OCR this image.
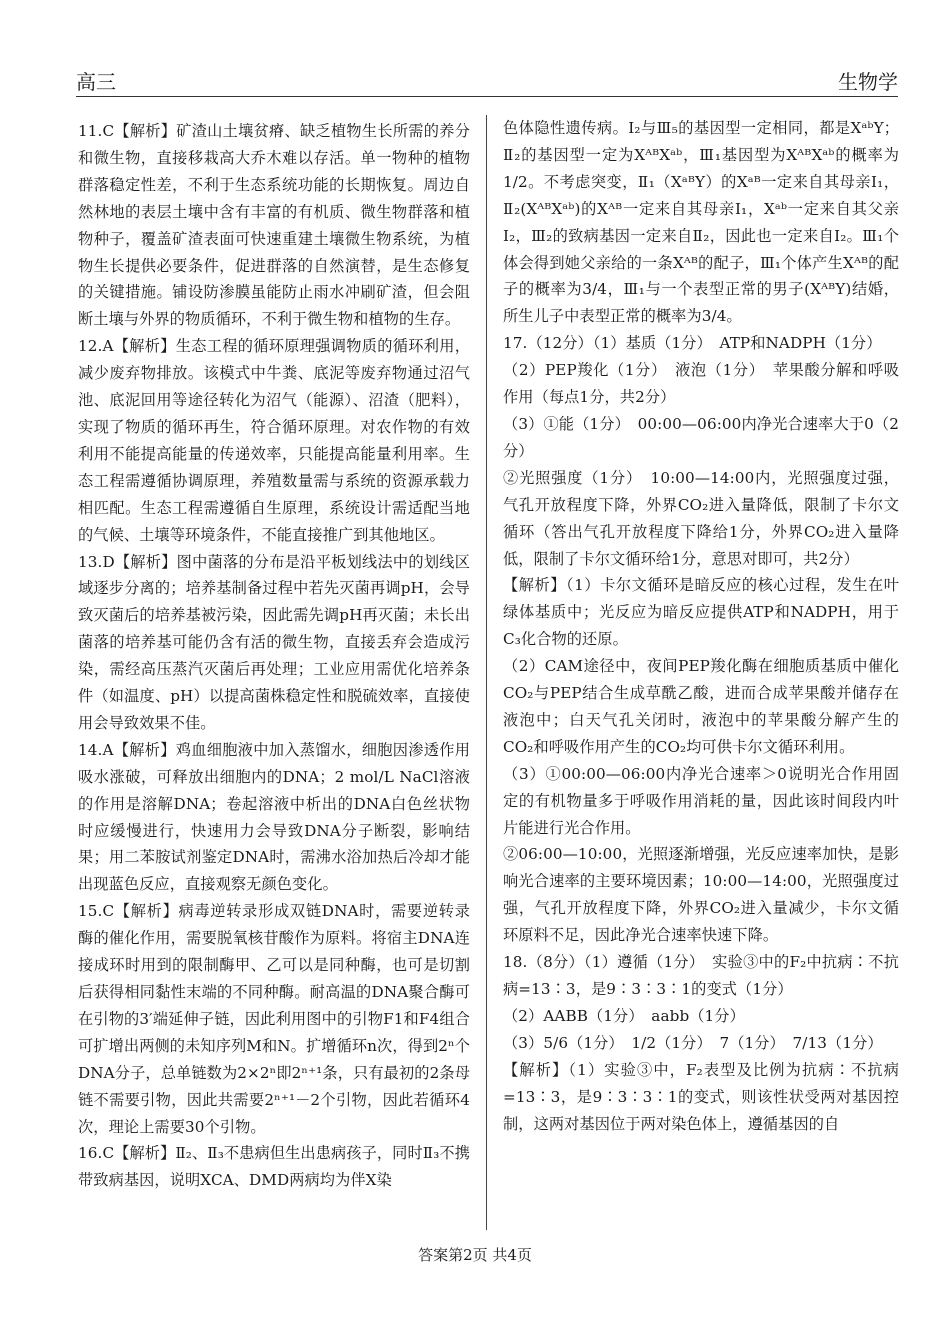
高三	生物学

11.C【解析】矿渣山土壤贫瘠、缺乏植物生长所需的养分和微生物，直接移栽高大乔木难以存活。单一物种的植物群落稳定性差，不利于生态系统功能的长期恢复。周边自然林地的表层土壤中含有丰富的有机质、微生物群落和植物种子，覆盖矿渣表面可快速重建土壤微生物系统，为植物生长提供必要条件，促进群落的自然演替，是生态修复的关键措施。铺设防渗膜虽能防止雨水冲刷矿渣，但会阻断土壤与外界的物质循环，不利于微生物和植物的生存。

12.A【解析】生态工程的循环原理强调物质的循环利用，减少废弃物排放。该模式中牛粪、底泥等废弃物通过沼气池、底泥回用等途径转化为沼气（能源）、沼渣（肥料），实现了物质的循环再生，符合循环原理。对农作物的有效利用不能提高能量的传递效率，只能提高能量利用率。生态工程需遵循协调原理，养殖数量需与系统的资源承载力相匹配。生态工程需遵循自生原理，系统设计需适配当地的气候、土壤等环境条件，不能直接推广到其他地区。

13.D【解析】图中菌落的分布是沿平板划线法中的划线区域逐步分离的；培养基制备过程中若先灭菌再调pH，会导致灭菌后的培养基被污染，因此需先调pH再灭菌；未长出菌落的培养基可能仍含有活的微生物，直接丢弃会造成污染，需经高压蒸汽灭菌后再处理；工业应用需优化培养条件（如温度、pH）以提高菌株稳定性和脱硫效率，直接使用会导致效果不佳。

14.A【解析】鸡血细胞液中加入蒸馏水，细胞因渗透作用吸水涨破，可释放出细胞内的DNA；2 mol/L NaCl溶液的作用是溶解DNA；卷起溶液中析出的DNA白色丝状物时应缓慢进行，快速用力会导致DNA分子断裂，影响结果；用二苯胺试剂鉴定DNA时，需沸水浴加热后冷却才能出现蓝色反应，直接观察无颜色变化。

15.C【解析】病毒逆转录形成双链DNA时，需要逆转录酶的催化作用，需要脱氧核苷酸作为原料。将宿主DNA连接成环时用到的限制酶甲、乙可以是同种酶，也可是切割后获得相同黏性末端的不同种酶。耐高温的DNA聚合酶可在引物的3′端延伸子链，因此利用图中的引物F1和F4组合可扩增出两侧的未知序列M和N。扩增循环n次，得到2ⁿ个DNA分子，总单链数为2×2ⁿ即2ⁿ⁺¹条，只有最初的2条母链不需要引物，因此共需要2ⁿ⁺¹－2个引物，因此若循环4次，理论上需要30个引物。

16.C【解析】Ⅱ₂、Ⅱ₃不患病但生出患病孩子，同时Ⅱ₃不携带致病基因，说明XCA、DMD两病均为伴X染

色体隐性遗传病。I₂与Ⅲ₅的基因型一定相同，都是XᵃᵇY；Ⅱ₂的基因型一定为XᴬᴮXᵃᵇ，Ⅲ₁基因型为XᴬᴮXᵃᵇ的概率为1/2。不考虑突变，Ⅱ₁（XᵃᴮY）的Xᵃᴮ一定来自其母亲I₁，Ⅱ₂(XᴬᴮXᵃᵇ)的Xᴬᴮ一定来自其母亲I₁，Xᵃᵇ一定来自其父亲I₂，Ⅲ₂的致病基因一定来自Ⅱ₂，因此也一定来自I₂。Ⅲ₁个体会得到她父亲给的一条Xᴬᴮ的配子，Ⅲ₁个体产生Xᴬᴮ的配子的概率为3/4，Ⅲ₁与一个表型正常的男子(XᴬᴮY)结婚，所生儿子中表型正常的概率为3/4。

17.（12分）（1）基质（1分）　ATP和NADPH（1分）

（2）PEP羧化（1分）　液泡（1分）　苹果酸分解和呼吸作用（每点1分，共2分）

（3）①能（1分）　00:00—06:00内净光合速率大于0（2分）

②光照强度（1分）　10:00—14:00内，光照强度过强，气孔开放程度下降，外界CO₂进入量降低，限制了卡尔文循环（答出气孔开放程度下降给1分，外界CO₂进入量降低，限制了卡尔文循环给1分，意思对即可，共2分）

【解析】（1）卡尔文循环是暗反应的核心过程，发生在叶绿体基质中；光反应为暗反应提供ATP和NADPH，用于C₃化合物的还原。

（2）CAM途径中，夜间PEP羧化酶在细胞质基质中催化CO₂与PEP结合生成草酰乙酸，进而合成苹果酸并储存在液泡中；白天气孔关闭时，液泡中的苹果酸分解产生的CO₂和呼吸作用产生的CO₂均可供卡尔文循环利用。

（3）①00:00—06:00内净光合速率＞0说明光合作用固定的有机物量多于呼吸作用消耗的量，因此该时间段内叶片能进行光合作用。

②06:00—10:00，光照逐渐增强，光反应速率加快，是影响光合速率的主要环境因素；10:00—14:00，光照强度过强，气孔开放程度下降，外界CO₂进入量减少，卡尔文循环原料不足，因此净光合速率快速下降。

18.（8分）（1）遵循（1分）　实验③中的F₂中抗病∶不抗病=13∶3，是9∶3∶3∶1的变式（1分）

（2）AABB（1分）　aabb（1分）

（3）5/6（1分）　1/2（1分）　7（1分）　7/13（1分）

【解析】（1）实验③中，F₂表型及比例为抗病∶不抗病=13∶3，是9∶3∶3∶1的变式，则该性状受两对基因控制，这两对基因位于两对染色体上，遵循基因的自

答案第2页 共4页
